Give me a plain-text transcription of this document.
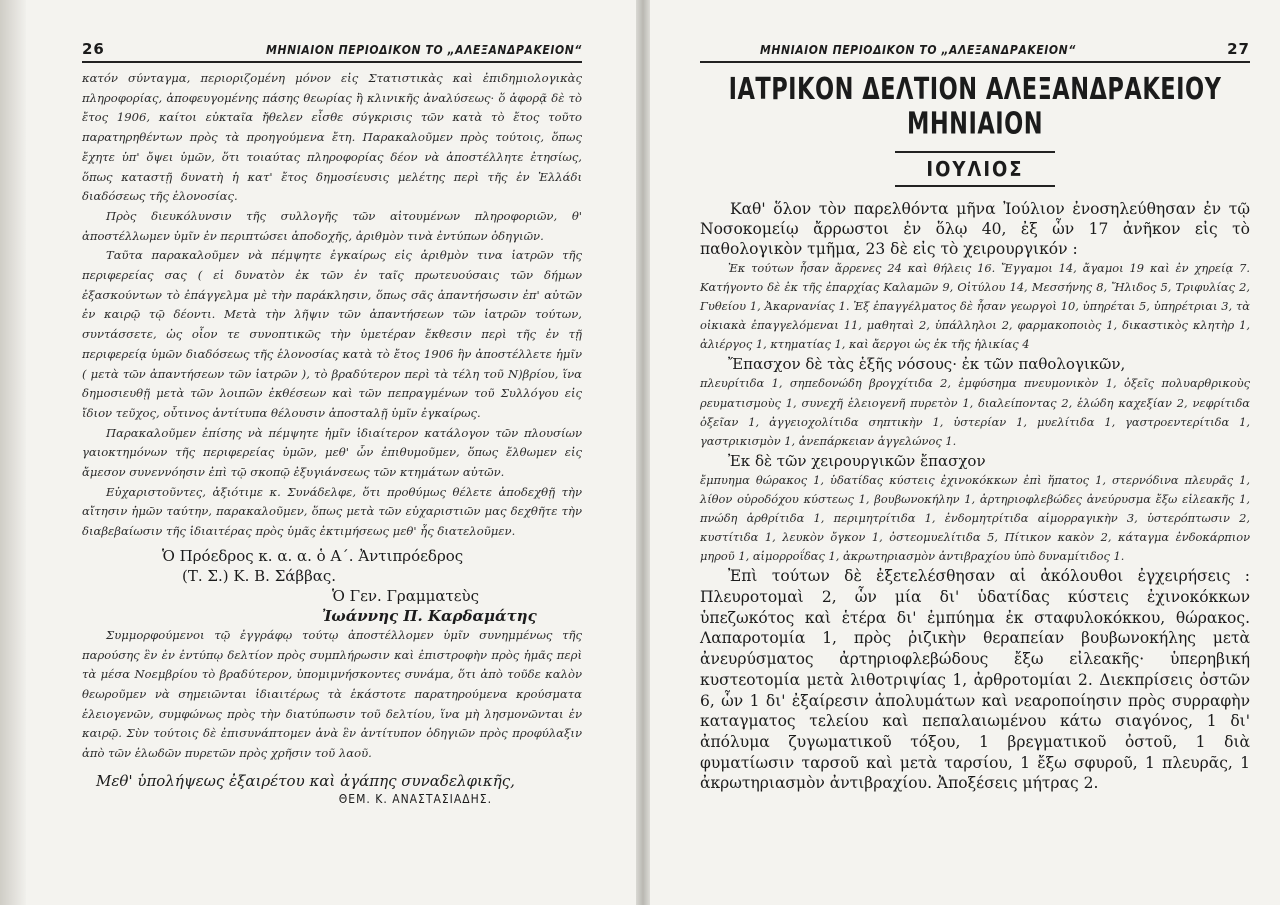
26	ΜΗΝΙΑΙΟΝ ΠΕΡΙΟΔΙΚΟΝ ΤΟ „ΑΛΕΞΑΝΔΡΑΚΕΙΟΝ“

κατόν σύνταγμα, περιοριζομένη μόνον εἰς Στατιστικὰς καὶ ἐπιδημιολογικὰς πληροφορίας, ἀποφευγομένης πάσης θεωρίας ἢ κλινικῆς ἀναλύσεως· ὅ ἀφορᾷ δὲ τὸ ἔτος 1906, καίτοι εὐκταῖα ἤθελεν εἶσθε σύγκρισις τῶν κατὰ τὸ ἔτος τοῦτο παρατηρηθέντων πρὸς τὰ προηγούμενα ἔτη. Παρακαλοῦμεν πρὸς τούτοις, ὅπως ἔχητε ὑπ' ὄψει ὑμῶν, ὅτι τοιαύτας πληροφορίας δέον νὰ ἀποστέλλητε ἐτησίως, ὅπως καταστῇ δυνατὴ ἡ κατ' ἔτος δημοσίευσις μελέτης περὶ τῆς ἐν Ἑλλάδι διαδόσεως τῆς ἑλονοσίας.

Πρὸς διευκόλυνσιν τῆς συλλογῆς τῶν αἰτουμένων πληροφοριῶν, θ' ἀποστέλλωμεν ὑμῖν ἐν περιπτώσει ἀποδοχῆς, ἀριθμὸν τινὰ ἐντύπων ὁδηγιῶν.

Ταῦτα παρακαλοῦμεν νὰ πέμψητε ἐγκαίρως εἰς ἀριθμὸν τινα ἰατρῶν τῆς περιφερείας σας ( εἰ δυνατὸν ἐκ τῶν ἐν ταῖς πρωτευούσαις τῶν δήμων ἐξασκούντων τὸ ἐπάγγελμα μὲ τὴν παράκλησιν, ὅπως σᾶς ἀπαντήσωσιν ἐπ' αὐτῶν ἐν καιρῷ τῷ δέοντι. Μετὰ τὴν λῆψιν τῶν ἀπαντήσεων τῶν ἰατρῶν τούτων, συντάσσετε, ὡς οἷον τε συνοπτικῶς τὴν ὑμετέραν ἔκθεσιν περὶ τῆς ἐν τῇ περιφερείᾳ ὑμῶν διαδόσεως τῆς ἑλονοσίας κατὰ τὸ ἔτος 1906 ἣν ἀποστέλλετε ἡμῖν ( μετὰ τῶν ἀπαντήσεων τῶν ἰατρῶν ), τὸ βραδύτερον περὶ τὰ τέλη τοῦ Ν)βρίου, ἵνα δημοσιευθῇ μετὰ τῶν λοιπῶν ἐκθέσεων καὶ τῶν πεπραγμένων τοῦ Συλλόγου εἰς ἴδιον τεῦχος, οὗτινος ἀντίτυπα θέλουσιν ἀποσταλῇ ὑμῖν ἐγκαίρως.

Παρακαλοῦμεν ἐπίσης νὰ πέμψητε ἡμῖν ἰδιαίτερον κατάλογον τῶν πλουσίων γαιοκτημόνων τῆς περιφερείας ὑμῶν, μεθ' ὧν ἐπιθυμοῦμεν, ὅπως ἔλθωμεν εἰς ἄμεσον συνεννόησιν ἐπὶ τῷ σκοπῷ ἐξυγιάνσεως τῶν κτημάτων αὐτῶν.

Εὐχαριστοῦντες, ἀξιότιμε κ. Συνάδελφε, ὅτι προθύμως θέλετε ἀποδεχθῇ τὴν αἴτησιν ἡμῶν ταύτην, παρακαλοῦμεν, ὅπως μετὰ τῶν εὐχαριστιῶν μας δεχθῆτε τὴν διαβεβαίωσιν τῆς ἰδιαιτέρας πρὸς ὑμᾶς ἐκτιμήσεως μεθ' ἧς διατελοῦμεν.

Ὁ Πρόεδρος κ. α. α. ὁ Α΄. Ἀντιπρόεδρος
(Τ. Σ.) Κ. Β. Σάββας.
Ὁ Γεν. Γραμματεὺς
Ἰωάννης Π. Καρδαμάτης

Συμμορφούμενοι τῷ ἐγγράφῳ τούτῳ ἀποστέλλομεν ὑμῖν συνημμένως τῆς παρούσης ἓν ἐν ἐντύπῳ δελτίον πρὸς συμπλήρωσιν καὶ ἐπιστροφὴν πρὸς ἡμᾶς περὶ τὰ μέσα Νοεμβρίου τὸ βραδύτερον, ὑπομιμνήσκοντες συνάμα, ὅτι ἀπὸ τοῦδε καλὸν θεωροῦμεν νὰ σημειῶνται ἰδιαιτέρως τὰ ἑκάστοτε παρατηρούμενα κρούσματα ἑλειογενῶν, συμφώνως πρὸς τὴν διατύπωσιν τοῦ δελτίου, ἵνα μὴ λησμονῶνται ἐν καιρῷ. Σὺν τούτοις δὲ ἐπισυνάπτομεν ἀνὰ ἓν ἀντίτυπον ὁδηγιῶν πρὸς προφύλαξιν ἀπὸ τῶν ἑλωδῶν πυρετῶν πρὸς χρῆσιν τοῦ λαοῦ.

Μεθ' ὑπολήψεως ἐξαιρέτου καὶ ἀγάπης συναδελφικῆς,
ΘΕΜ. Κ. ΑΝΑΣΤΑΣΙΑΔΗΣ.
ΜΗΝΙΑΙΟΝ ΠΕΡΙΟΔΙΚΟΝ ΤΟ „ΑΛΕΞΑΝΔΡΑΚΕΙΟΝ“	27
ΙΑΤΡΙΚΟΝ ΔΕΛΤΙΟΝ ΑΛΕΞΑΝΔΡΑΚΕΙΟΥ ΜΗΝΙΑΙΟΝ
ΙΟΥΛΙΟΣ

Καθ' ὅλον τὸν παρελθόντα μῆνα Ἰούλιον ἐνοσηλεύθησαν ἐν τῷ Νοσοκομείῳ ἄρρωστοι ἐν ὅλῳ 40, ἐξ ὧν 17 ἀνῆκον εἰς τὸ παθολογικὸν τμῆμα, 23 δὲ εἰς τὸ χειρουργικόν :

Ἐκ τούτων ἦσαν ἄρρενες 24 καὶ θήλεις 16. Ἔγγαμοι 14, ἄγαμοι 19 καὶ ἐν χηρείᾳ 7. Κατήγοντο δὲ ἐκ τῆς ἐπαρχίας Καλαμῶν 9, Οἰτύλου 14, Μεσσήνης 8, Ἤλιδος 5, Τριφυλίας 2, Γυθείου 1, Ἀκαρνανίας 1. Ἐξ ἐπαγγέλματος δὲ ἦσαν γεωργοὶ 10, ὑπηρέται 5, ὑπηρέτριαι 3, τὰ οἰκιακὰ ἐπαγγελόμεναι 11, μαθηταὶ 2, ὑπάλληλοι 2, φαρμακοποιὸς 1, δικαστικὸς κλητὴρ 1, ἀλιέργος 1, κτηματίας 1, καὶ ἄεργοι ὡς ἐκ τῆς ἡλικίας 4

Ἔπασχον δὲ τὰς ἑξῆς νόσους· ἐκ τῶν παθολογικῶν,

πλευρίτιδα 1, σηπεδονώδη βρογχίτιδα 2, ἐμφύσημα πνευμονικὸν 1, ὀξεῖς πολυαρθρικοὺς ρευματισμοὺς 1, συνεχῆ ἑλειογενῆ πυρετὸν 1, διαλείποντας 2, ἑλώδη καχεξίαν 2, νεφρίτιδα ὀξεῖαν 1, ἀγγειοχολίτιδα σηπτικὴν 1, ὑστερίαν 1, μυελίτιδα 1, γαστροεντερίτιδα 1, γαστρικισμὸν 1, ἀνεπάρκειαν ἀγγελώνος 1.

Ἐκ δὲ τῶν χειρουργικῶν ἔπασχον

ἔμπυημα θώρακος 1, ὑδατίδας κύστεις ἐχινοκόκκων ἐπὶ ἥπατος 1, στερνόδινα πλευρᾶς 1, λίθον οὐροδόχου κύστεως 1, βουβωνοκήλην 1, ἀρτηριοφλεβώδες ἀνεύρυσμα ἔξω εἰλεακῆς 1, πνώδη ἀρθρίτιδα 1, περιμητρίτιδα 1, ἐνδομητρίτιδα αἱμορραγικὴν 3, ὑστερόπτωσιν 2, κυστίτιδα 1, λευκὸν ὄγκον 1, ὀστεομυελίτιδα 5, Πίτικον κακὸν 2, κάταγμα ἐνδοκάρπιον μηροῦ 1, αἱμορροΐδας 1, ἀκρωτηριασμὸν ἀντιβραχίου ὑπὸ δυναμίτιδος 1.

Ἐπὶ τούτων δὲ ἐξετελέσθησαν αἱ ἀκόλουθοι ἐγχειρήσεις : Πλευροτομαὶ 2, ὧν μία δι' ὑδατίδας κύστεις ἐχινοκόκκων ὑπεζωκότος καὶ ἑτέρα δι' ἐμπύημα ἐκ σταφυλοκόκκου, θώρακος. Λαπαροτομία 1, πρὸς ῥιζικὴν θεραπείαν βουβωνοκήλης μετὰ ἀνευρύσματος ἀρτηριοφλεβώδους ἔξω εἰλεακῆς· ὑπερηβική κυστεοτομία μετὰ λιθοτριψίας 1, ἀρθροτομίαι 2. Διεκπρίσεις ὀστῶν 6, ὧν 1 δι' ἐξαίρεσιν ἀπολυμάτων καὶ νεαροποίησιν πρὸς συρραφὴν καταγματος τελείου καὶ πεπαλαιωμένου κάτω σιαγόνος, 1 δι' ἀπόλυμα ζυγωματικοῦ τόξου, 1 βρεγματικοῦ ὀστοῦ, 1 διὰ φυματίωσιν ταρσοῦ καὶ μετὰ ταρσίου, 1 ἔξω σφυροῦ, 1 πλευρᾶς, 1 ἀκρωτηριασμὸν ἀντιβραχίου. Ἀποξέσεις μήτρας 2.
